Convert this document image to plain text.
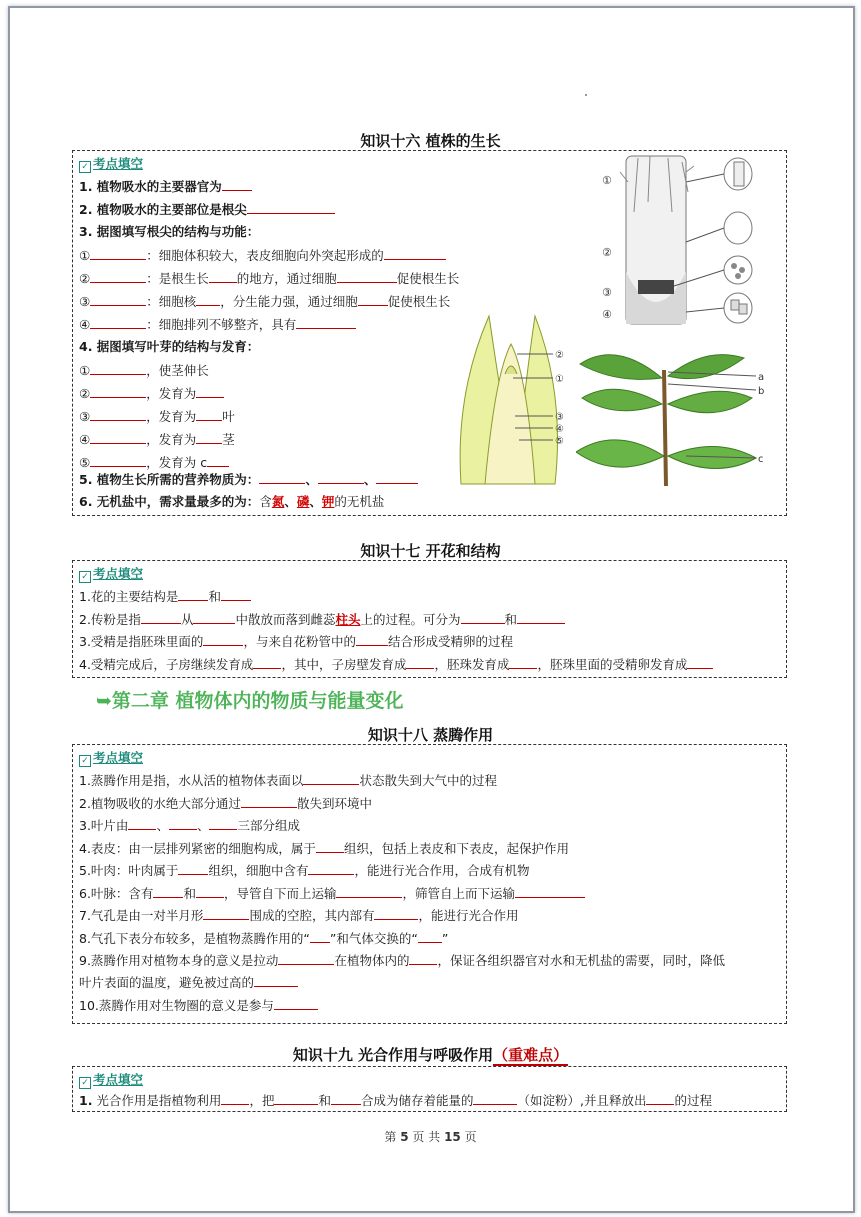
知识十六 植株的生长
✓ 考点填空
1. 植物吸水的主要器官为
2. 植物吸水的主要部位是根尖
3. 据图填写根尖的结构与功能：
①	：细胞体积较大，表皮细胞向外突起形成的
②	：是根生长 的地方，通过细胞	促使根生长
③	：细胞核 ，分生能力强，通过细胞 促使根生长
④	：细胞排列不够整齐，具有
4. 据图填写叶芽的结构与发育：
①	，使茎伸长
②	，发育为
③	，发育为 叶
④	，发育为 茎
⑤	，发育为 c
5. 植物生长所需的营养物质为：	、	、
6. 无机盐中，需求量最多的为：含氮、磷、钾的无机盐
①
②
③
④
②
①
③
④
⑤
a
b
c
知识十七 开花和结构
✓ 考点填空
1.花的主要结构是 和
2.传粉是指	从	中散放而落到雌蕊柱头上的过程。可分为	和
3.受精是指胚珠里面的	，与来自花粉管中的	结合形成受精卵的过程
4.受精完成后，子房继续发育成 ，其中，子房壁发育成 ，胚珠发育成 ，胚珠里面的受精卵发育成
➥第二章 植物体内的物质与能量变化
知识十八 蒸腾作用
✓ 考点填空
1.蒸腾作用是指，水从活的植物体表面以	状态散失到大气中的过程
2.植物吸收的水绝大部分通过	散失到环境中
3.叶片由 、 、 三部分组成
4.表皮：由一层排列紧密的细胞构成，属于 组织，包括上表皮和下表皮，起保护作用
5.叶肉：叶肉属于 组织，细胞中含有	，能进行光合作用，合成有机物
6.叶脉：含有 和 ，导管自下而上运输	，筛管自上而下运输
7.气孔是由一对半月形	围成的空腔，其内部有	，能进行光合作用
8.气孔下表分布较多，是植物蒸腾作用的“ ”和气体交换的“ ”
9.蒸腾作用对植物本身的意义是拉动	在植物体内的 ，保证各组织器官对水和无机盐的需要，同时，降低
叶片表面的温度，避免被过高的
10.蒸腾作用对生物圈的意义是参与
知识十九 光合作用与呼吸作用（重难点）
✓ 考点填空
1. 光合作用是指植物利用 ，把	和 合成为储存着能量的	（如淀粉）,并且释放出 的过程
第 5 页 共 15 页
